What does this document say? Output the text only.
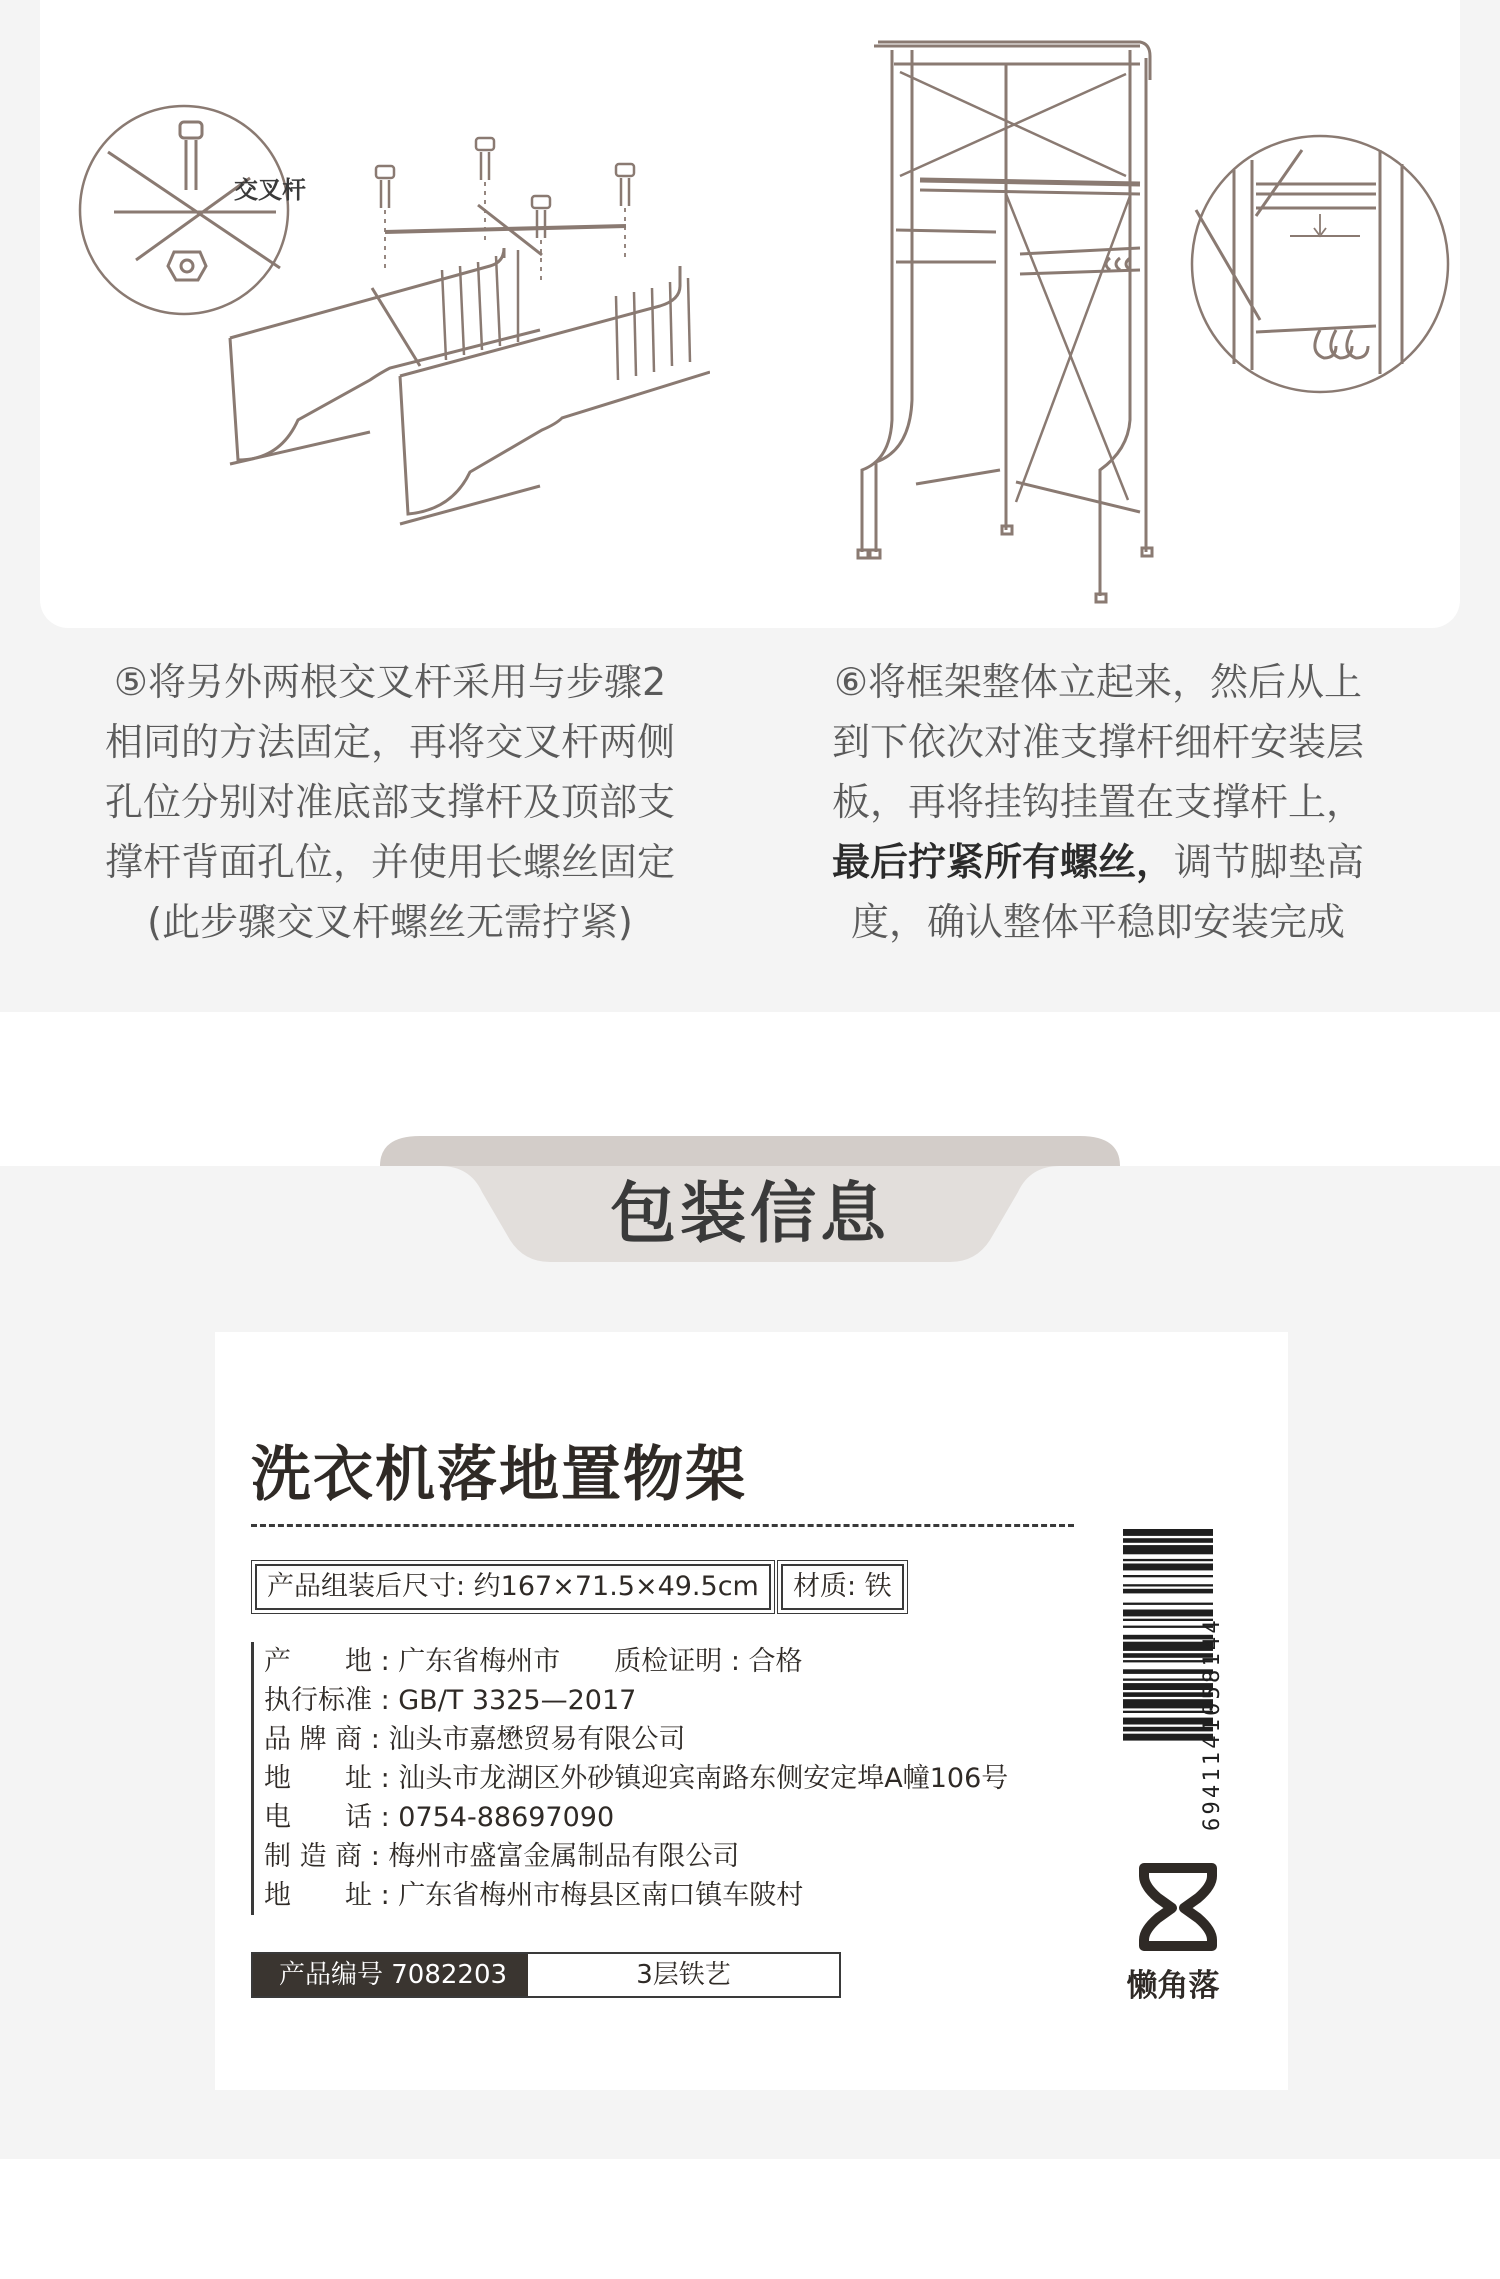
交叉杆
⑤将另外两根交叉杆采用与步骤2
相同的方法固定，再将交叉杆两侧
孔位分别对准底部支撑杆及顶部支
撑杆背面孔位，并使用长螺丝固定
(此步骤交叉杆螺丝无需拧紧)
⑥将框架整体立起来，然后从上
到下依次对准支撑杆细杆安装层
板，再将挂钩挂置在支撑杆上，
最后拧紧所有螺丝，调节脚垫高
度，确认整体平稳即安装完成
包装信息
洗衣机落地置物架
产品组装后尺寸: 约167×71.5×49.5cm	材质: 铁
产　　地 : 广东省梅州市　　质检证明 : 合格
执行标准 : GB/T 3325—2017
品 牌 商 : 汕头市嘉懋贸易有限公司
地　　址 : 汕头市龙湖区外砂镇迎宾南路东侧安定埠A幢106号
电　　话 : 0754-88697090
制 造 商 : 梅州市盛富金属制品有限公司
地　　址 : 广东省梅州市梅县区南口镇车陂村
产品编号 7082203	3层铁艺
6941141058144
懒角落
